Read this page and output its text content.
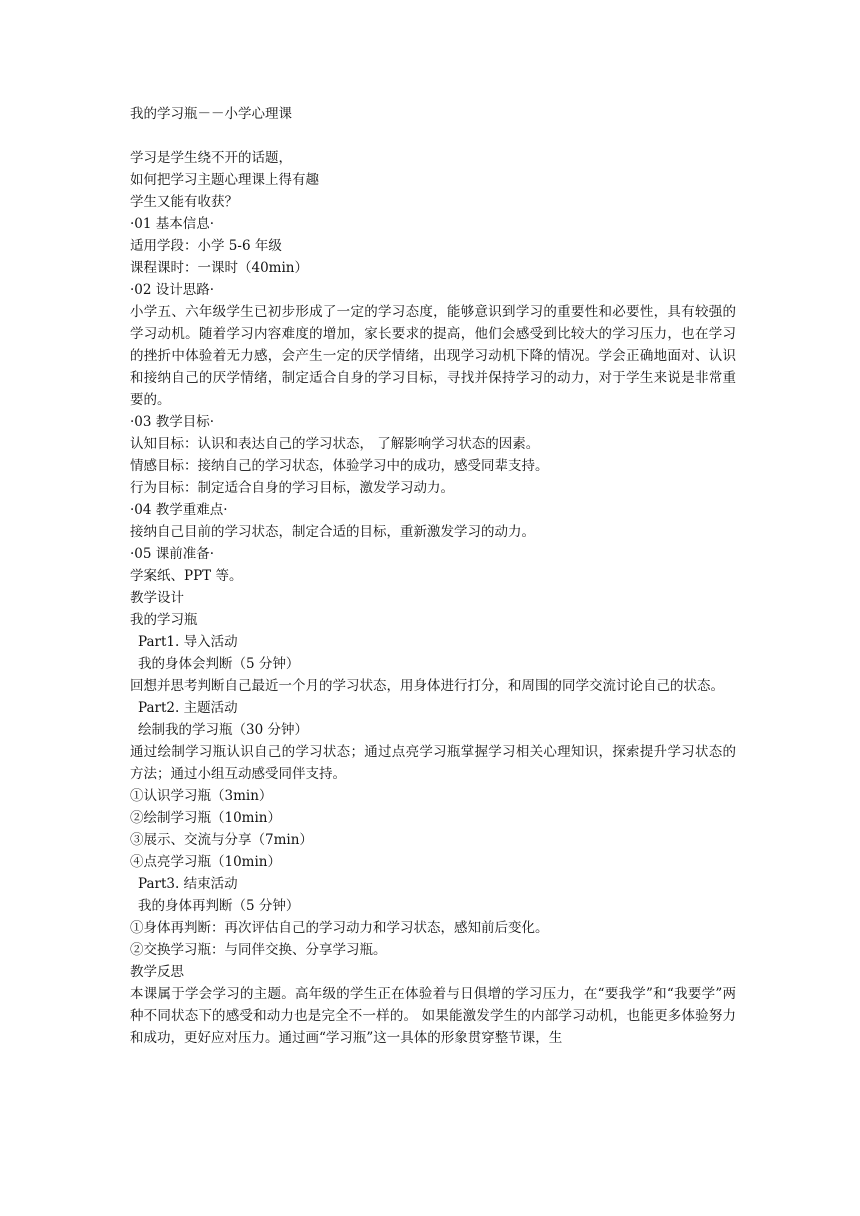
我的学习瓶－－小学心理课
学习是学生绕不开的话题，
如何把学习主题心理课上得有趣
学生又能有收获？
·01 基本信息·
适用学段：小学 5-6 年级
课程课时：一课时（40min）
·02 设计思路·
小学五、六年级学生已初步形成了一定的学习态度，能够意识到学习的重要性和必要性，具有较强的学习动机。随着学习内容难度的增加，家长要求的提高，他们会感受到比较大的学习压力，也在学习的挫折中体验着无力感，会产生一定的厌学情绪，出现学习动机下降的情况。学会正确地面对、认识和接纳自己的厌学情绪，制定适合自身的学习目标，寻找并保持学习的动力，对于学生来说是非常重要的。
·03 教学目标·
认知目标：认识和表达自己的学习状态， 了解影响学习状态的因素。
情感目标：接纳自己的学习状态，体验学习中的成功，感受同辈支持。
行为目标：制定适合自身的学习目标，激发学习动力。
·04 教学重难点·
接纳自己目前的学习状态，制定合适的目标，重新激发学习的动力。
·05 课前准备·
学案纸、PPT 等。
教学设计
我的学习瓶
Part1. 导入活动
我的身体会判断（5 分钟）
回想并思考判断自己最近一个月的学习状态，用身体进行打分，和周围的同学交流讨论自己的状态。
Part2. 主题活动
绘制我的学习瓶（30 分钟）
通过绘制学习瓶认识自己的学习状态；通过点亮学习瓶掌握学习相关心理知识，探索提升学习状态的方法；通过小组互动感受同伴支持。
①认识学习瓶（3min）
②绘制学习瓶（10min）
③展示、交流与分享（7min）
④点亮学习瓶（10min）
Part3. 结束活动
我的身体再判断（5 分钟）
①身体再判断：再次评估自己的学习动力和学习状态，感知前后变化。
②交换学习瓶：与同伴交换、分享学习瓶。
教学反思
本课属于学会学习的主题。高年级的学生正在体验着与日俱增的学习压力，在“要我学”和“我要学”两种不同状态下的感受和动力也是完全不一样的。 如果能激发学生的内部学习动机，也能更多体验努力和成功，更好应对压力。通过画“学习瓶”这一具体的形象贯穿整节课，生
